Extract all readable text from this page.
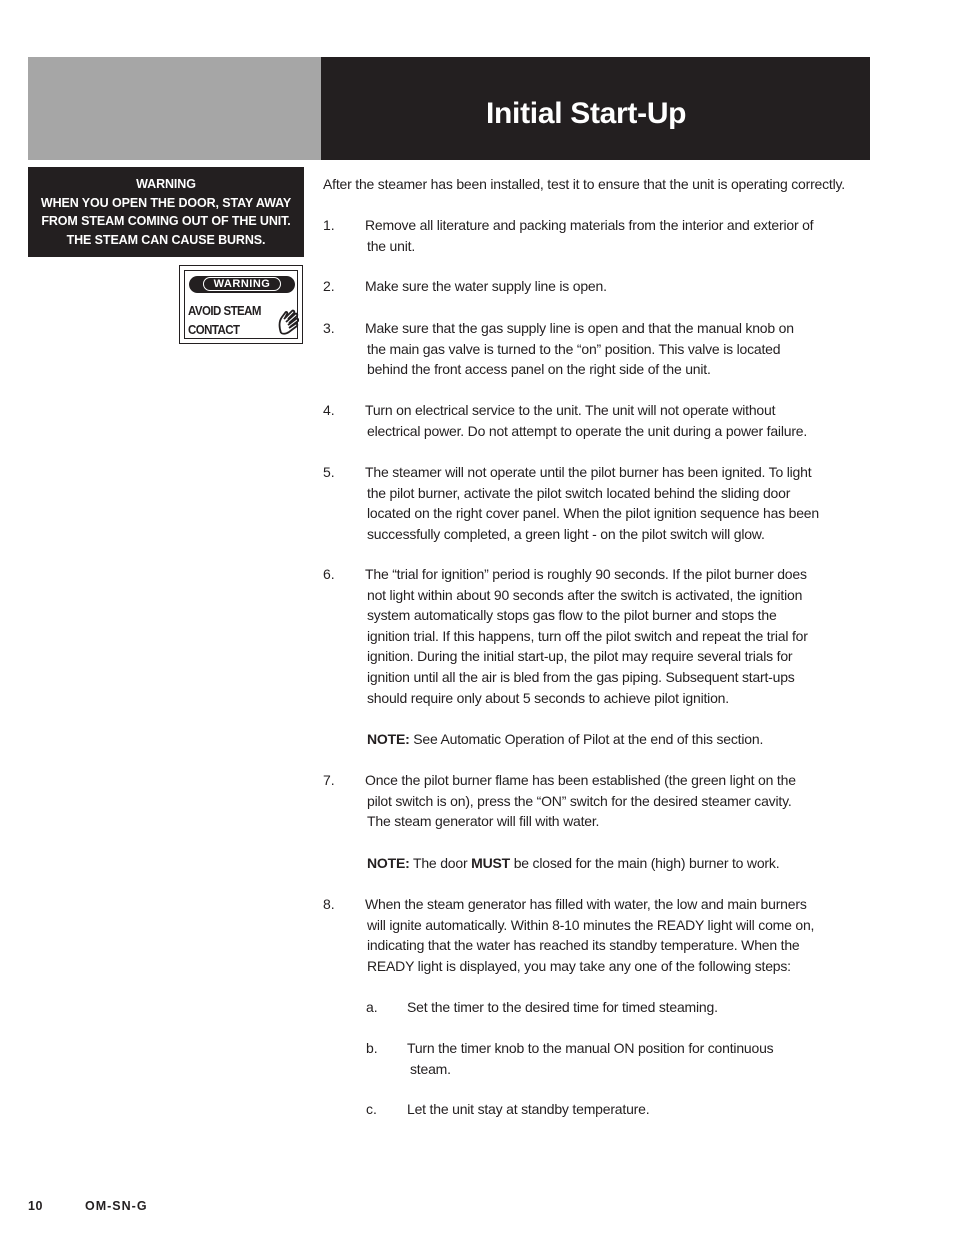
Initial Start-Up
WARNING
WHEN YOU OPEN THE DOOR, STAY AWAY
FROM STEAM COMING OUT OF THE UNIT.
THE STEAM CAN CAUSE BURNS.
WARNING
AVOID STEAM
CONTACT
After the steamer has been installed, test it to ensure that the unit is operating correctly.
1. Remove all literature and packing materials from the interior and exterior of
the unit.
2. Make sure the water supply line is open.
3. Make sure that the gas supply line is open and that the manual knob on
the main gas valve is turned to the “on” position. This valve is located
behind the front access panel on the right side of the unit.
4. Turn on electrical service to the unit. The unit will not operate without
electrical power. Do not attempt to operate the unit during a power failure.
5. The steamer will not operate until the pilot burner has been ignited. To light
the pilot burner, activate the pilot switch located behind the sliding door
located on the right cover panel. When the pilot ignition sequence has been
successfully completed, a green light - on the pilot switch will glow.
6. The “trial for ignition” period is roughly 90 seconds. If the pilot burner does
not light within about 90 seconds after the switch is activated, the ignition
system automatically stops gas flow to the pilot burner and stops the
ignition trial. If this happens, turn off the pilot switch and repeat the trial for
ignition. During the initial start-up, the pilot may require several trials for
ignition until all the air is bled from the gas piping. Subsequent start-ups
should require only about 5 seconds to achieve pilot ignition.
NOTE: See Automatic Operation of Pilot at the end of this section.
7. Once the pilot burner flame has been established (the green light on the
pilot switch is on), press the “ON” switch for the desired steamer cavity.
The steam generator will fill with water.
NOTE: The door MUST be closed for the main (high) burner to work.
8. When the steam generator has filled with water, the low and main burners
will ignite automatically. Within 8-10 minutes the READY light will come on,
indicating that the water has reached its standby temperature. When the
READY light is displayed, you may take any one of the following steps:
a. Set the timer to the desired time for timed steaming.
b. Turn the timer knob to the manual ON position for continuous
steam.
c. Let the unit stay at standby temperature.
10	OM-SN-G
